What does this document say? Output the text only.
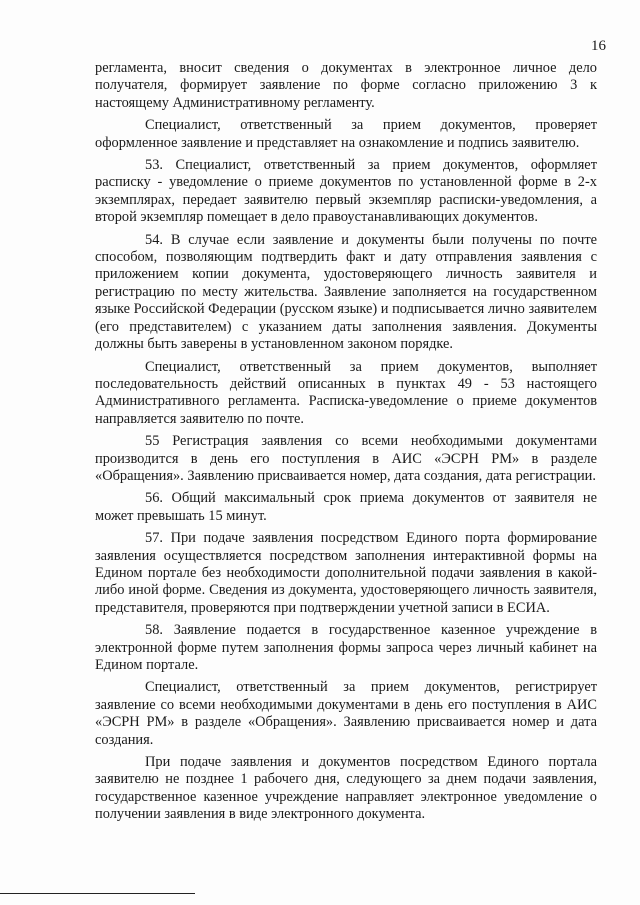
16

регламента, вносит сведения о документах в электронное личное дело получателя, формирует заявление по форме согласно приложению 3 к настоящему Административному регламенту.

Специалист, ответственный за прием документов, проверяет оформленное заявление и представляет на ознакомление и подпись заявителю.

53. Специалист, ответственный за прием документов, оформляет расписку - уведомление о приеме документов по установленной форме в 2-х экземплярах, передает заявителю первый экземпляр расписки-уведомления, а второй экземпляр помещает в дело правоустанавливающих документов.

54. В случае если заявление и документы были получены по почте способом, позволяющим подтвердить факт и дату отправления заявления с приложением копии документа, удостоверяющего личность заявителя и регистрацию по месту жительства. Заявление заполняется на государственном языке Российской Федерации (русском языке) и подписывается лично заявителем (его представителем) с указанием даты заполнения заявления. Документы должны быть заверены в установленном законом порядке.

Специалист, ответственный за прием документов, выполняет последовательность действий описанных в пунктах 49 - 53 настоящего Административного регламента. Расписка-уведомление о приеме документов направляется заявителю по почте.

55 Регистрация заявления со всеми необходимыми документами производится в день его поступления в АИС «ЭСРН РМ» в разделе «Обращения». Заявлению присваивается номер, дата создания, дата регистрации.

56. Общий максимальный срок приема документов от заявителя не может превышать 15 минут.

57. При подаче заявления посредством Единого порта формирование заявления осуществляется посредством заполнения интерактивной формы на Едином портале без необходимости дополнительной подачи заявления в какой-либо иной форме. Сведения из документа, удостоверяющего личность заявителя, представителя, проверяются при подтверждении учетной записи в ЕСИА.

58. Заявление подается в государственное казенное учреждение в электронной форме путем заполнения формы запроса через личный кабинет на Едином портале.

Специалист, ответственный за прием документов, регистрирует заявление со всеми необходимыми документами в день его поступления в АИС «ЭСРН РМ» в разделе «Обращения». Заявлению присваивается номер и дата создания.

При подаче заявления и документов посредством Единого портала заявителю не позднее 1 рабочего дня, следующего за днем подачи заявления, государственное казенное учреждение направляет электронное уведомление о получении заявления в виде электронного документа.
